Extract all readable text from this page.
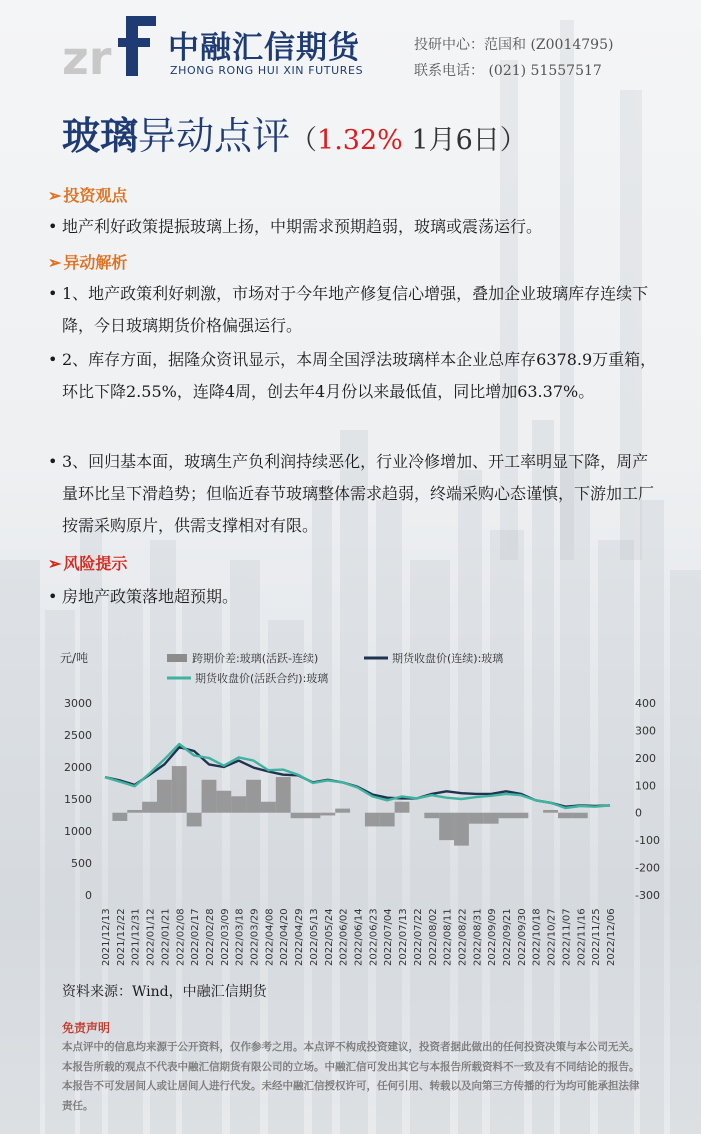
zr 中融汇信期货
ZHONG RONG HUI XIN FUTURES
投研中心：范国和 (Z0014795)
联系电话： (021) 51557517
玻璃异动点评（1.32% 1月6日）
➢ 投资观点
• 地产利好政策提振玻璃上扬，中期需求预期趋弱，玻璃或震荡运行。
➢ 异动解析
• 1、地产政策利好刺激，市场对于今年地产修复信心增强，叠加企业玻璃库存连续下降，今日玻璃期货价格偏强运行。
• 2、库存方面，据隆众资讯显示，本周全国浮法玻璃样本企业总库存6378.9万重箱，环比下降2.55%，连降4周，创去年4月份以来最低值，同比增加63.37%。
• 3、回归基本面，玻璃生产负利润持续恶化，行业冷修增加、开工率明显下降，周产量环比呈下滑趋势；但临近春节玻璃整体需求趋弱，终端采购心态谨慎，下游加工厂按需采购原片，供需支撑相对有限。
➢ 风险提示
• 房地产政策落地超预期。
元/吨	跨期价差:玻璃(活跃-连续)	期货收盘价(连续):玻璃
期货收盘价(活跃合约):玻璃
3000
2500
2000
1500
1000
500
0
400
300
200
100
0
-100
-200
-300
2021/12/13 2021/12/22 2021/12/31 2022/01/12 2022/01/21 2022/02/08 2022/02/17 2022/02/28 2022/03/09 2022/03/18 2022/03/29 2022/04/08 2022/04/20 2022/04/29 2022/05/13 2022/05/24 2022/06/02 2022/06/14 2022/06/23 2022/07/04 2022/07/13 2022/07/22 2022/08/02 2022/08/11 2022/08/22 2022/08/31 2022/09/09 2022/09/21 2022/09/30 2022/10/18 2022/10/27 2022/11/07 2022/11/16 2022/11/25 2022/12/06
资料来源：Wind，中融汇信期货
免责声明
本点评中的信息均来源于公开资料，仅作参考之用。本点评不构成投资建议，投资者据此做出的任何投资决策与本公司无关。本报告所载的观点不代表中融汇信期货有限公司的立场。中融汇信可发出其它与本报告所载资料不一致及有不同结论的报告。本报告不可发居间人或让居间人进行代发。未经中融汇信授权许可，任何引用、转载以及向第三方传播的行为均可能承担法律责任。
